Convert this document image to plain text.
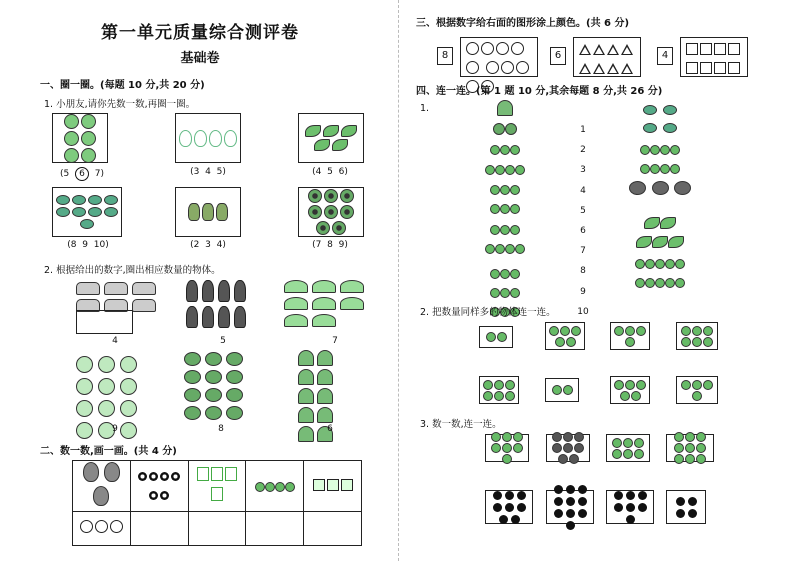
第一单元质量综合测评卷
基础卷
一、圈一圈。(每题 10 分,共 20 分)
1. 小朋友,请你先数一数,再圈一圈。
(5 6 7)	(3 4 5)	(4 5 6)
(8 9 10)	(2 3 4)	(7 8 9)
2. 根据给出的数字,圈出相应数量的物体。
4	5	7
9	8	6
二、数一数,画一画。(共 4 分)

三、根据数字给右面的图形涂上颜色。(共 6 分)
8
	6
	4

四、连一连。(第 1 题 10 分,其余每题 8 分,共 26 分)
1.

1
2
3
4
5
6
7
8
9
10

2. 把数量同样多的物体连一连。
3. 数一数,连一连。
